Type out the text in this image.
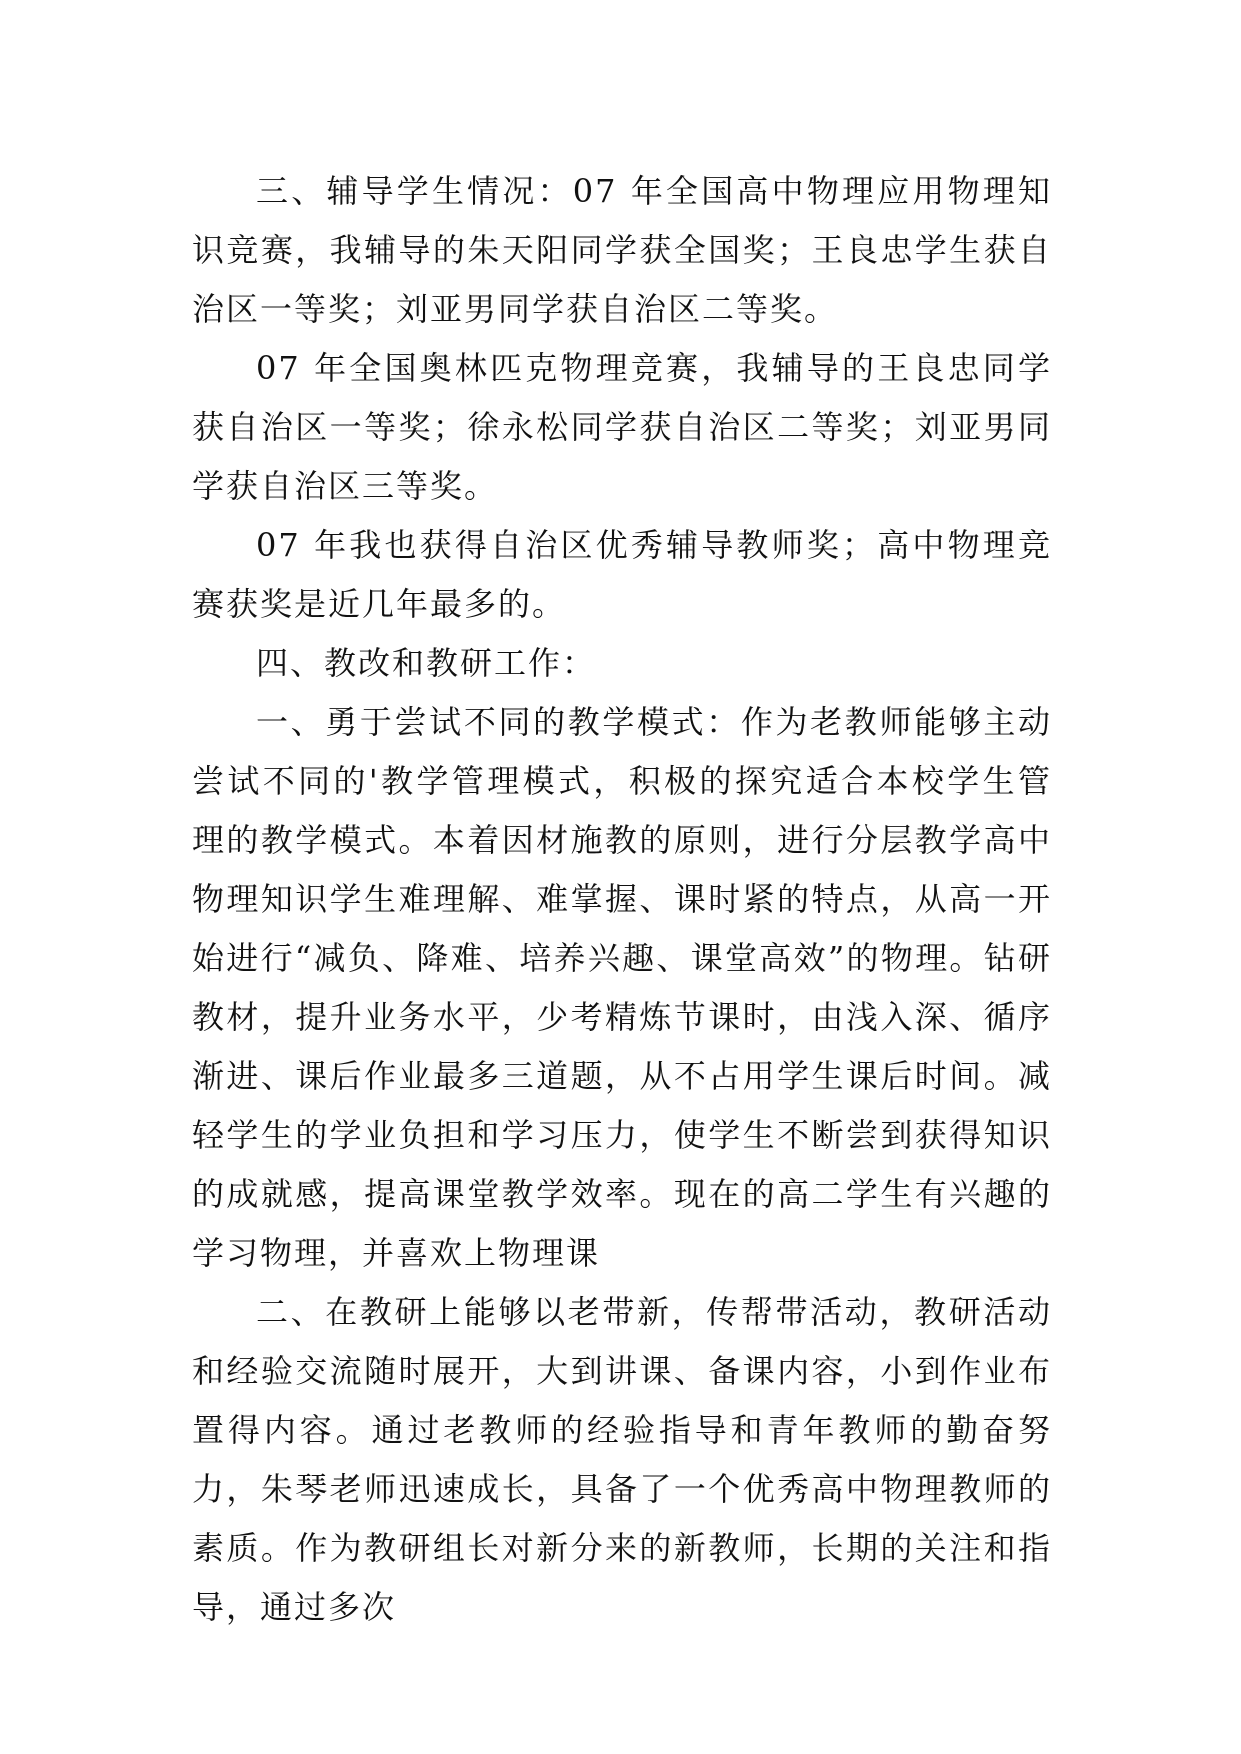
三、辅导学生情况：07 年全国高中物理应用物理知识竞赛，我辅导的朱天阳同学获全国奖；王良忠学生获自治区一等奖；刘亚男同学获自治区二等奖。

07 年全国奥林匹克物理竞赛，我辅导的王良忠同学获自治区一等奖；徐永松同学获自治区二等奖；刘亚男同学获自治区三等奖。

07 年我也获得自治区优秀辅导教师奖；高中物理竞赛获奖是近几年最多的。

四、教改和教研工作：

一、勇于尝试不同的教学模式：作为老教师能够主动尝试不同的'教学管理模式，积极的探究适合本校学生管理的教学模式。本着因材施教的原则，进行分层教学高中物理知识学生难理解、难掌握、课时紧的特点，从高一开始进行“减负、降难、培养兴趣、课堂高效”的物理。钻研教材，提升业务水平，少考精炼节课时，由浅入深、循序渐进、课后作业最多三道题，从不占用学生课后时间。减轻学生的学业负担和学习压力，使学生不断尝到获得知识的成就感，提高课堂教学效率。现在的高二学生有兴趣的学习物理，并喜欢上物理课

二、在教研上能够以老带新，传帮带活动，教研活动和经验交流随时展开，大到讲课、备课内容，小到作业布置得内容。通过老教师的经验指导和青年教师的勤奋努力，朱琴老师迅速成长，具备了一个优秀高中物理教师的素质。作为教研组长对新分来的新教师，长期的关注和指导，通过多次
